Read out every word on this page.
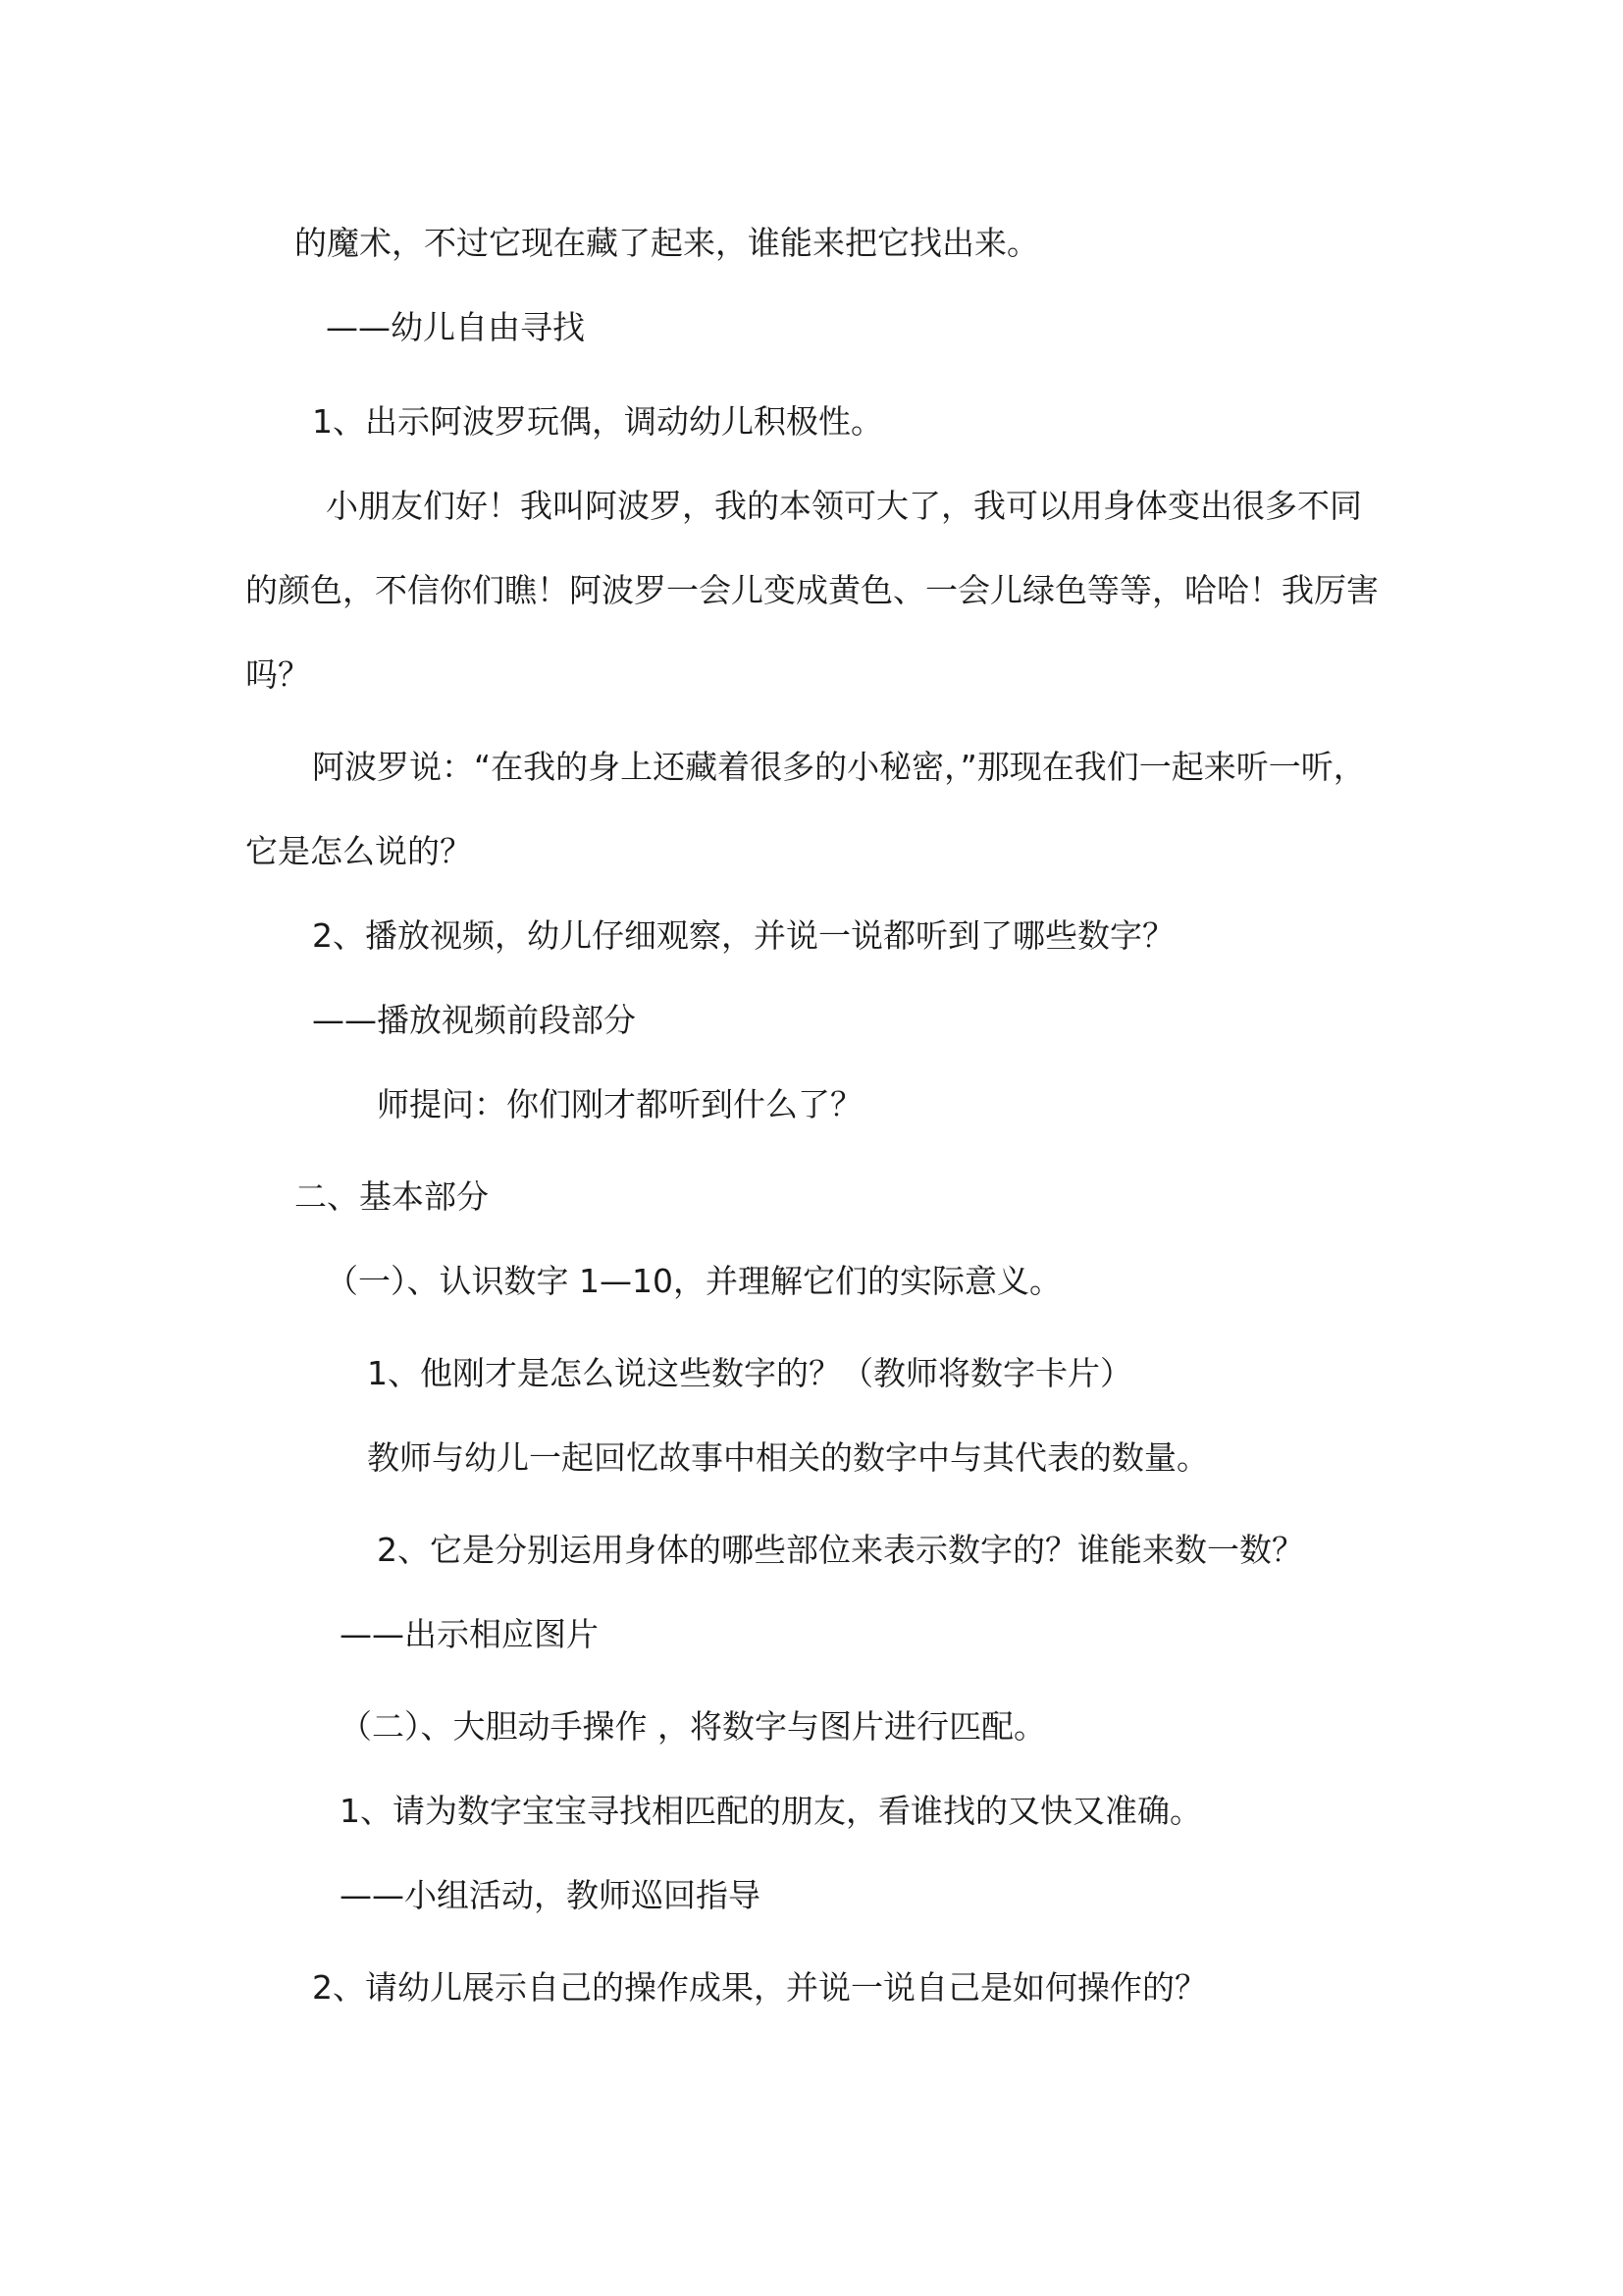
的魔术，不过它现在藏了起来，谁能来把它找出来。
——幼儿自由寻找
1、出示阿波罗玩偶，调动幼儿积极性。
小朋友们好！我叫阿波罗，我的本领可大了，我可以用身体变出很多不同
的颜色，不信你们瞧！阿波罗一会儿变成黄色、一会儿绿色等等，哈哈！我厉害
吗？
阿波罗说：“在我的身上还藏着很多的小秘密，”那现在我们一起来听一听，
它是怎么说的？
2、播放视频，幼儿仔细观察，并说一说都听到了哪些数字？
——播放视频前段部分
师提问：你们刚才都听到什么了？
二、基本部分
（一）、认识数字 1—10，并理解它们的实际意义。
1、他刚才是怎么说这些数字的？（教师将数字卡片）
教师与幼儿一起回忆故事中相关的数字中与其代表的数量。
2、它是分别运用身体的哪些部位来表示数字的？谁能来数一数？
——出示相应图片
（二）、大胆动手操作 ，将数字与图片进行匹配。
1、请为数字宝宝寻找相匹配的朋友，看谁找的又快又准确。
——小组活动，教师巡回指导
2、请幼儿展示自己的操作成果，并说一说自己是如何操作的？
